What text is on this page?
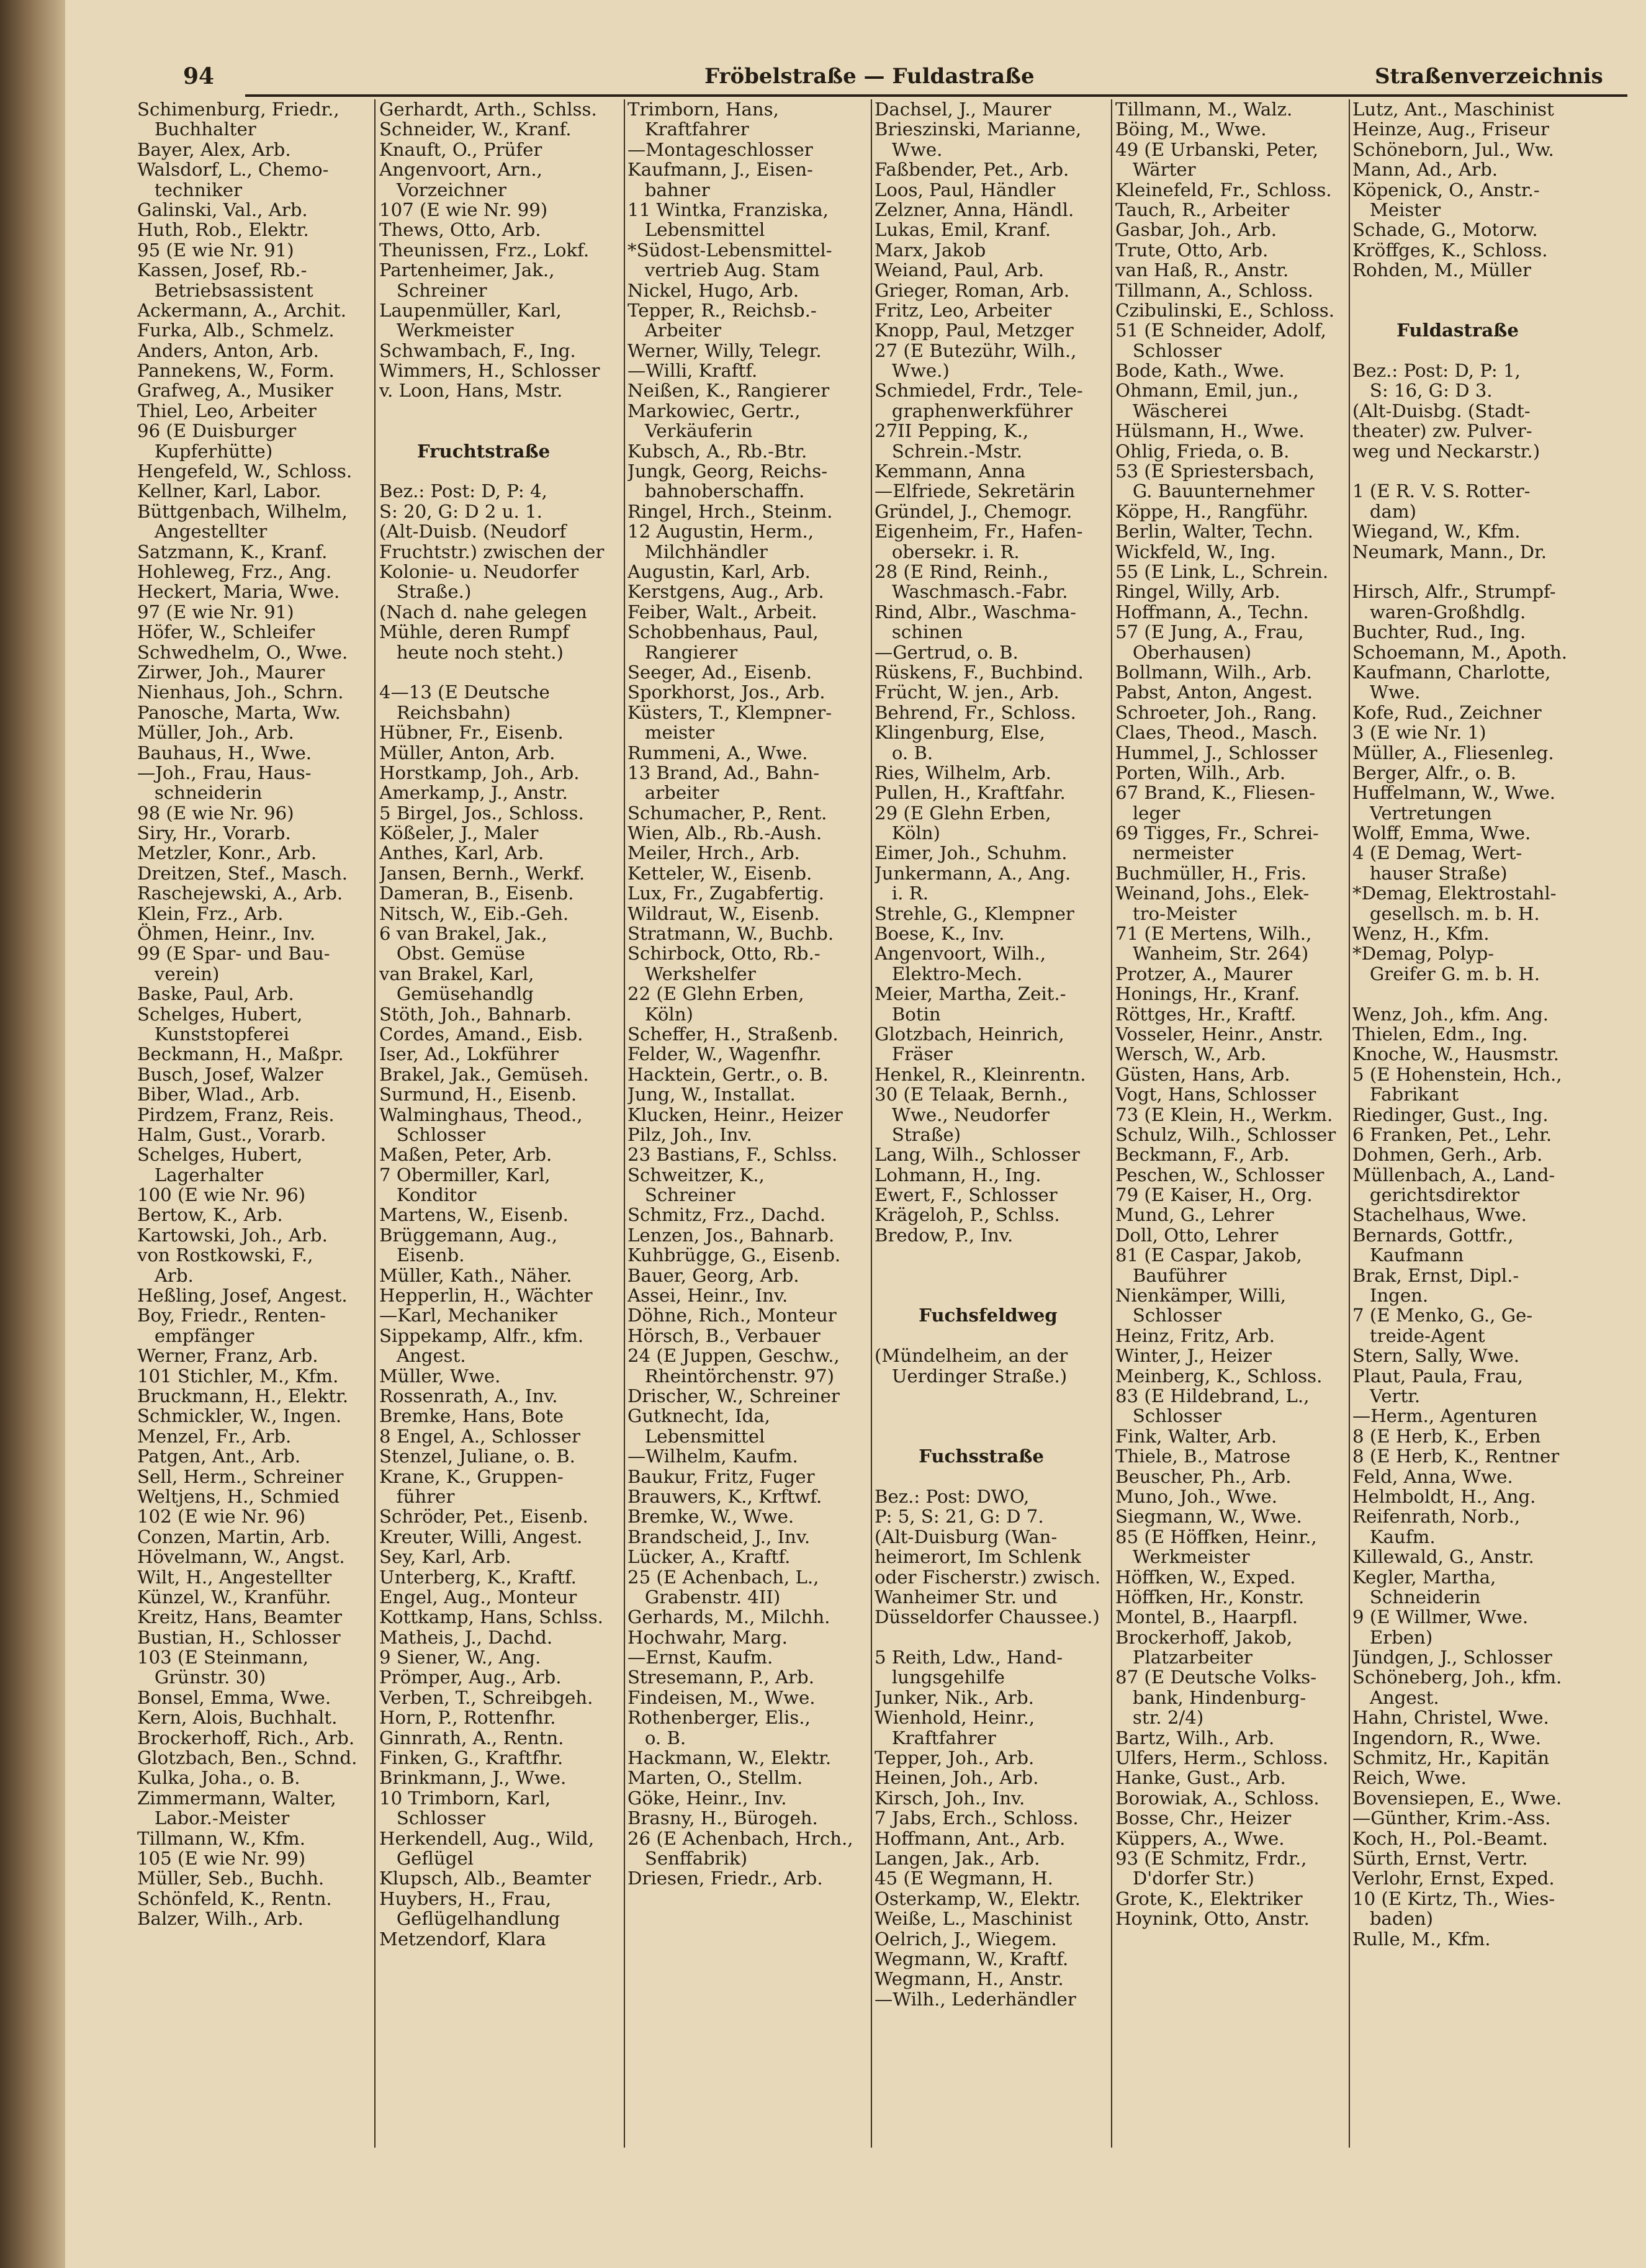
94	Fröbelstraße — Fuldastraße	Straßenverzeichnis
Schimenburg, Friedr.,
Buchhalter
Bayer, Alex, Arb.
Walsdorf, L., Chemo-
techniker
Galinski, Val., Arb.
Huth, Rob., Elektr.
95 (E wie Nr. 91)
Kassen, Josef, Rb.-
Betriebsassistent
Ackermann, A., Archit.
Furka, Alb., Schmelz.
Anders, Anton, Arb.
Pannekens, W., Form.
Grafweg, A., Musiker
Thiel, Leo, Arbeiter
96 (E Duisburger
Kupferhütte)
Hengefeld, W., Schloss.
Kellner, Karl, Labor.
Büttgenbach, Wilhelm,
Angestellter
Satzmann, K., Kranf.
Hohleweg, Frz., Ang.
Heckert, Maria, Wwe.
97 (E wie Nr. 91)
Höfer, W., Schleifer
Schwedhelm, O., Wwe.
Zirwer, Joh., Maurer
Nienhaus, Joh., Schrn.
Panosche, Marta, Ww.
Müller, Joh., Arb.
Bauhaus, H., Wwe.
—Joh., Frau, Haus-
schneiderin
98 (E wie Nr. 96)
Siry, Hr., Vorarb.
Metzler, Konr., Arb.
Dreitzen, Stef., Masch.
Raschejewski, A., Arb.
Klein, Frz., Arb.
Öhmen, Heinr., Inv.
99 (E Spar- und Bau-
verein)
Baske, Paul, Arb.
Schelges, Hubert,
Kunststopferei
Beckmann, H., Maßpr.
Busch, Josef, Walzer
Biber, Wlad., Arb.
Pirdzem, Franz, Reis.
Halm, Gust., Vorarb.
Schelges, Hubert,
Lagerhalter
100 (E wie Nr. 96)
Bertow, K., Arb.
Kartowski, Joh., Arb.
von Rostkowski, F.,
Arb.
Heßling, Josef, Angest.
Boy, Friedr., Renten-
empfänger
Werner, Franz, Arb.
101 Stichler, M., Kfm.
Bruckmann, H., Elektr.
Schmickler, W., Ingen.
Menzel, Fr., Arb.
Patgen, Ant., Arb.
Sell, Herm., Schreiner
Weltjens, H., Schmied
102 (E wie Nr. 96)
Conzen, Martin, Arb.
Hövelmann, W., Angst.
Wilt, H., Angestellter
Künzel, W., Kranführ.
Kreitz, Hans, Beamter
Bustian, H., Schlosser
103 (E Steinmann,
Grünstr. 30)
Bonsel, Emma, Wwe.
Kern, Alois, Buchhalt.
Brockerhoff, Rich., Arb.
Glotzbach, Ben., Schnd.
Kulka, Joha., o. B.
Zimmermann, Walter,
Labor.-Meister
Tillmann, W., Kfm.
105 (E wie Nr. 99)
Müller, Seb., Buchh.
Schönfeld, K., Rentn.
Balzer, Wilh., Arb.
Gerhardt, Arth., Schlss.
Schneider, W., Kranf.
Knauft, O., Prüfer
Angenvoort, Arn.,
Vorzeichner
107 (E wie Nr. 99)
Thews, Otto, Arb.
Theunissen, Frz., Lokf.
Partenheimer, Jak.,
Schreiner
Laupenmüller, Karl,
Werkmeister
Schwambach, F., Ing.
Wimmers, H., Schlosser
v. Loon, Hans, Mstr.
Fruchtstraße
Bez.: Post: D, P: 4,
S: 20, G: D 2 u. 1.
(Alt-Duisb. (Neudorf
Fruchtstr.) zwischen der
Kolonie- u. Neudorfer
Straße.)
(Nach d. nahe gelegen
Mühle, deren Rumpf
heute noch steht.)
4—13 (E Deutsche
Reichsbahn)
Hübner, Fr., Eisenb.
Müller, Anton, Arb.
Horstkamp, Joh., Arb.
Amerkamp, J., Anstr.
5 Birgel, Jos., Schloss.
Kößeler, J., Maler
Anthes, Karl, Arb.
Jansen, Bernh., Werkf.
Dameran, B., Eisenb.
Nitsch, W., Eib.-Geh.
6 van Brakel, Jak.,
Obst. Gemüse
van Brakel, Karl,
Gemüsehandlg
Stöth, Joh., Bahnarb.
Cordes, Amand., Eisb.
Iser, Ad., Lokführer
Brakel, Jak., Gemüseh.
Surmund, H., Eisenb.
Walminghaus, Theod.,
Schlosser
Maßen, Peter, Arb.
7 Obermiller, Karl,
Konditor
Martens, W., Eisenb.
Brüggemann, Aug.,
Eisenb.
Müller, Kath., Näher.
Hepperlin, H., Wächter
—Karl, Mechaniker
Sippekamp, Alfr., kfm.
Angest.
Müller, Wwe.
Rossenrath, A., Inv.
Bremke, Hans, Bote
8 Engel, A., Schlosser
Stenzel, Juliane, o. B.
Krane, K., Gruppen-
führer
Schröder, Pet., Eisenb.
Kreuter, Willi, Angest.
Sey, Karl, Arb.
Unterberg, K., Kraftf.
Engel, Aug., Monteur
Kottkamp, Hans, Schlss.
Matheis, J., Dachd.
9 Siener, W., Ang.
Prömper, Aug., Arb.
Verben, T., Schreibgeh.
Horn, P., Rottenfhr.
Ginnrath, A., Rentn.
Finken, G., Kraftfhr.
Brinkmann, J., Wwe.
10 Trimborn, Karl,
Schlosser
Herkendell, Aug., Wild,
Geflügel
Klupsch, Alb., Beamter
Huybers, H., Frau,
Geflügelhandlung
Metzendorf, Klara
Trimborn, Hans,
Kraftfahrer
—Montageschlosser
Kaufmann, J., Eisen-
bahner
11 Wintka, Franziska,
Lebensmittel
*Südost-Lebensmittel-
vertrieb Aug. Stam
Nickel, Hugo, Arb.
Tepper, R., Reichsb.-
Arbeiter
Werner, Willy, Telegr.
—Willi, Kraftf.
Neißen, K., Rangierer
Markowiec, Gertr.,
Verkäuferin
Kubsch, A., Rb.-Btr.
Jungk, Georg, Reichs-
bahnoberschaffn.
Ringel, Hrch., Steinm.
12 Augustin, Herm.,
Milchhändler
Augustin, Karl, Arb.
Kerstgens, Aug., Arb.
Feiber, Walt., Arbeit.
Schobbenhaus, Paul,
Rangierer
Seeger, Ad., Eisenb.
Sporkhorst, Jos., Arb.
Küsters, T., Klempner-
meister
Rummeni, A., Wwe.
13 Brand, Ad., Bahn-
arbeiter
Schumacher, P., Rent.
Wien, Alb., Rb.-Aush.
Meiler, Hrch., Arb.
Ketteler, W., Eisenb.
Lux, Fr., Zugabfertig.
Wildraut, W., Eisenb.
Stratmann, W., Buchb.
Schirbock, Otto, Rb.-
Werkshelfer
22 (E Glehn Erben,
Köln)
Scheffer, H., Straßenb.
Felder, W., Wagenfhr.
Hacktein, Gertr., o. B.
Jung, W., Installat.
Klucken, Heinr., Heizer
Pilz, Joh., Inv.
23 Bastians, F., Schlss.
Schweitzer, K.,
Schreiner
Schmitz, Frz., Dachd.
Lenzen, Jos., Bahnarb.
Kuhbrügge, G., Eisenb.
Bauer, Georg, Arb.
Assei, Heinr., Inv.
Döhne, Rich., Monteur
Hörsch, B., Verbauer
24 (E Juppen, Geschw.,
Rheintörchenstr. 97)
Drischer, W., Schreiner
Gutknecht, Ida,
Lebensmittel
—Wilhelm, Kaufm.
Baukur, Fritz, Fuger
Brauwers, K., Krftwf.
Bremke, W., Wwe.
Brandscheid, J., Inv.
Lücker, A., Kraftf.
25 (E Achenbach, L.,
Grabenstr. 4II)
Gerhards, M., Milchh.
Hochwahr, Marg.
—Ernst, Kaufm.
Stresemann, P., Arb.
Findeisen, M., Wwe.
Rothenberger, Elis.,
o. B.
Hackmann, W., Elektr.
Marten, O., Stellm.
Göke, Heinr., Inv.
Brasny, H., Bürogeh.
26 (E Achenbach, Hrch.,
Senffabrik)
Driesen, Friedr., Arb.
Dachsel, J., Maurer
Brieszinski, Marianne,
Wwe.
Faßbender, Pet., Arb.
Loos, Paul, Händler
Zelzner, Anna, Händl.
Lukas, Emil, Kranf.
Marx, Jakob
Weiand, Paul, Arb.
Grieger, Roman, Arb.
Fritz, Leo, Arbeiter
Knopp, Paul, Metzger
27 (E Butezühr, Wilh.,
Wwe.)
Schmiedel, Frdr., Tele-
graphenwerkführer
27II Pepping, K.,
Schrein.-Mstr.
Kemmann, Anna
—Elfriede, Sekretärin
Gründel, J., Chemogr.
Eigenheim, Fr., Hafen-
obersekr. i. R.
28 (E Rind, Reinh.,
Waschmasch.-Fabr.
Rind, Albr., Waschma-
schinen
—Gertrud, o. B.
Rüskens, F., Buchbind.
Frücht, W. jen., Arb.
Behrend, Fr., Schloss.
Klingenburg, Else,
o. B.
Ries, Wilhelm, Arb.
Pullen, H., Kraftfahr.
29 (E Glehn Erben,
Köln)
Eimer, Joh., Schuhm.
Junkermann, A., Ang.
i. R.
Strehle, G., Klempner
Boese, K., Inv.
Angenvoort, Wilh.,
Elektro-Mech.
Meier, Martha, Zeit.-
Botin
Glotzbach, Heinrich,
Fräser
Henkel, R., Kleinrentn.
30 (E Telaak, Bernh.,
Wwe., Neudorfer
Straße)
Lang, Wilh., Schlosser
Lohmann, H., Ing.
Ewert, F., Schlosser
Krägeloh, P., Schlss.
Bredow, P., Inv.
Fuchsfeldweg
(Mündelheim, an der
Uerdinger Straße.)
Fuchsstraße
Bez.: Post: DWO,
P: 5, S: 21, G: D 7.
(Alt-Duisburg (Wan-
heimerort, Im Schlenk
oder Fischerstr.) zwisch.
Wanheimer Str. und
Düsseldorfer Chaussee.)
5 Reith, Ldw., Hand-
lungsgehilfe
Junker, Nik., Arb.
Wienhold, Heinr.,
Kraftfahrer
Tepper, Joh., Arb.
Heinen, Joh., Arb.
Kirsch, Joh., Inv.
7 Jabs, Erch., Schloss.
Hoffmann, Ant., Arb.
Langen, Jak., Arb.
45 (E Wegmann, H.
Osterkamp, W., Elektr.
Weiße, L., Maschinist
Oelrich, J., Wiegem.
Wegmann, W., Kraftf.
Wegmann, H., Anstr.
—Wilh., Lederhändler
Tillmann, M., Walz.
Böing, M., Wwe.
49 (E Urbanski, Peter,
Wärter
Kleinefeld, Fr., Schloss.
Tauch, R., Arbeiter
Gasbar, Joh., Arb.
Trute, Otto, Arb.
van Haß, R., Anstr.
Tillmann, A., Schloss.
Czibulinski, E., Schloss.
51 (E Schneider, Adolf,
Schlosser
Bode, Kath., Wwe.
Ohmann, Emil, jun.,
Wäscherei
Hülsmann, H., Wwe.
Ohlig, Frieda, o. B.
53 (E Spriestersbach,
G. Bauunternehmer
Köppe, H., Rangführ.
Berlin, Walter, Techn.
Wickfeld, W., Ing.
55 (E Link, L., Schrein.
Ringel, Willy, Arb.
Hoffmann, A., Techn.
57 (E Jung, A., Frau,
Oberhausen)
Bollmann, Wilh., Arb.
Pabst, Anton, Angest.
Schroeter, Joh., Rang.
Claes, Theod., Masch.
Hummel, J., Schlosser
Porten, Wilh., Arb.
67 Brand, K., Fliesen-
leger
69 Tigges, Fr., Schrei-
nermeister
Buchmüller, H., Fris.
Weinand, Johs., Elek-
tro-Meister
71 (E Mertens, Wilh.,
Wanheim, Str. 264)
Protzer, A., Maurer
Honings, Hr., Kranf.
Röttges, Hr., Kraftf.
Vosseler, Heinr., Anstr.
Wersch, W., Arb.
Güsten, Hans, Arb.
Vogt, Hans, Schlosser
73 (E Klein, H., Werkm.
Schulz, Wilh., Schlosser
Beckmann, F., Arb.
Peschen, W., Schlosser
79 (E Kaiser, H., Org.
Mund, G., Lehrer
Doll, Otto, Lehrer
81 (E Caspar, Jakob,
Bauführer
Nienkämper, Willi,
Schlosser
Heinz, Fritz, Arb.
Winter, J., Heizer
Meinberg, K., Schloss.
83 (E Hildebrand, L.,
Schlosser
Fink, Walter, Arb.
Thiele, B., Matrose
Beuscher, Ph., Arb.
Muno, Joh., Wwe.
Siegmann, W., Wwe.
85 (E Höffken, Heinr.,
Werkmeister
Höffken, W., Exped.
Höffken, Hr., Konstr.
Montel, B., Haarpfl.
Brockerhoff, Jakob,
Platzarbeiter
87 (E Deutsche Volks-
bank, Hindenburg-
str. 2/4)
Bartz, Wilh., Arb.
Ulfers, Herm., Schloss.
Hanke, Gust., Arb.
Borowiak, A., Schloss.
Bosse, Chr., Heizer
Küppers, A., Wwe.
93 (E Schmitz, Frdr.,
D'dorfer Str.)
Grote, K., Elektriker
Hoynink, Otto, Anstr.
Lutz, Ant., Maschinist
Heinze, Aug., Friseur
Schöneborn, Jul., Ww.
Mann, Ad., Arb.
Köpenick, O., Anstr.-
Meister
Schade, G., Motorw.
Kröffges, K., Schloss.
Rohden, M., Müller
Fuldastraße
Bez.: Post: D, P: 1,
S: 16, G: D 3.
(Alt-Duisbg. (Stadt-
theater) zw. Pulver-
weg und Neckarstr.)
1 (E R. V. S. Rotter-
dam)
Wiegand, W., Kfm.
Neumark, Mann., Dr.
Hirsch, Alfr., Strumpf-
waren-Großhdlg.
Buchter, Rud., Ing.
Schoemann, M., Apoth.
Kaufmann, Charlotte,
Wwe.
Kofe, Rud., Zeichner
3 (E wie Nr. 1)
Müller, A., Fliesenleg.
Berger, Alfr., o. B.
Huffelmann, W., Wwe.
Vertretungen
Wolff, Emma, Wwe.
4 (E Demag, Wert-
hauser Straße)
*Demag, Elektrostahl-
gesellsch. m. b. H.
Wenz, H., Kfm.
*Demag, Polyp-
Greifer G. m. b. H.
Wenz, Joh., kfm. Ang.
Thielen, Edm., Ing.
Knoche, W., Hausmstr.
5 (E Hohenstein, Hch.,
Fabrikant
Riedinger, Gust., Ing.
6 Franken, Pet., Lehr.
Dohmen, Gerh., Arb.
Müllenbach, A., Land-
gerichtsdirektor
Stachelhaus, Wwe.
Bernards, Gottfr.,
Kaufmann
Brak, Ernst, Dipl.-
Ingen.
7 (E Menko, G., Ge-
treide-Agent
Stern, Sally, Wwe.
Plaut, Paula, Frau,
Vertr.
—Herm., Agenturen
8 (E Herb, K., Erben
8 (E Herb, K., Rentner
Feld, Anna, Wwe.
Helmboldt, H., Ang.
Reifenrath, Norb.,
Kaufm.
Killewald, G., Anstr.
Kegler, Martha,
Schneiderin
9 (E Willmer, Wwe.
Erben)
Jündgen, J., Schlosser
Schöneberg, Joh., kfm.
Angest.
Hahn, Christel, Wwe.
Ingendorn, R., Wwe.
Schmitz, Hr., Kapitän
Reich, Wwe.
Bovensiepen, E., Wwe.
—Günther, Krim.-Ass.
Koch, H., Pol.-Beamt.
Sürth, Ernst, Vertr.
Verlohr, Ernst, Exped.
10 (E Kirtz, Th., Wies-
baden)
Rulle, M., Kfm.
